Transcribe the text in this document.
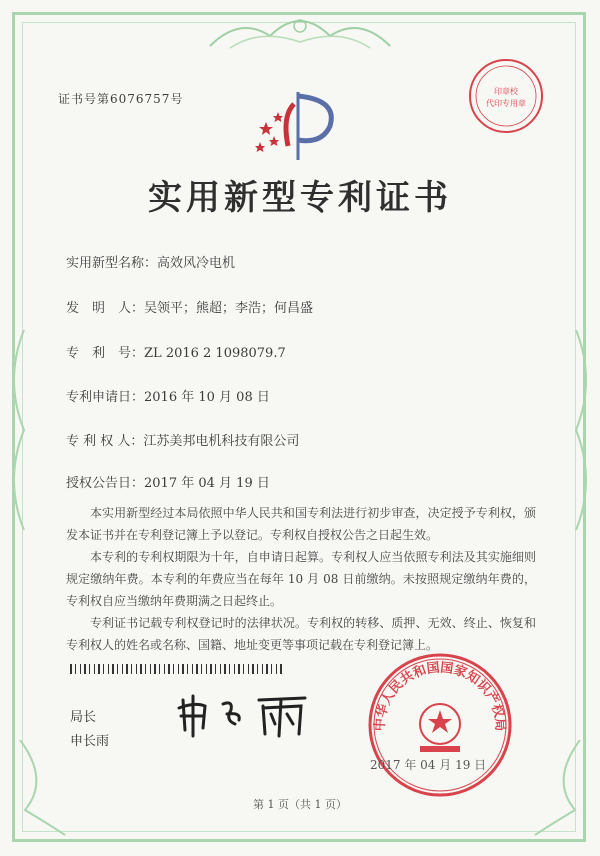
证书号第6076757号
印章校
代印专用章
实用新型专利证书
实用新型名称：高效风冷电机
发　明　人：吴领平；熊超；李浩；何昌盛
专　利　号：ZL 2016 2 1098079.7
专利申请日：2016 年 10 月 08 日
专 利 权 人：江苏美邦电机科技有限公司
授权公告日：2017 年 04 月 19 日

本实用新型经过本局依照中华人民共和国专利法进行初步审查，决定授予专利权，颁发本证书并在专利登记簿上予以登记。专利权自授权公告之日起生效。

本专利的专利权期限为十年，自申请日起算。专利权人应当依照专利法及其实施细则规定缴纳年费。本专利的年费应当在每年 10 月 08 日前缴纳。未按照规定缴纳年费的，专利权自应当缴纳年费期满之日起终止。

专利证书记载专利权登记时的法律状况。专利权的转移、质押、无效、终止、恢复和专利权人的姓名或名称、国籍、地址变更等事项记载在专利登记簿上。

局长
申长雨
中华人民共和国国家知识产权局
2017 年 04 月 19 日
第 1 页（共 1 页）
